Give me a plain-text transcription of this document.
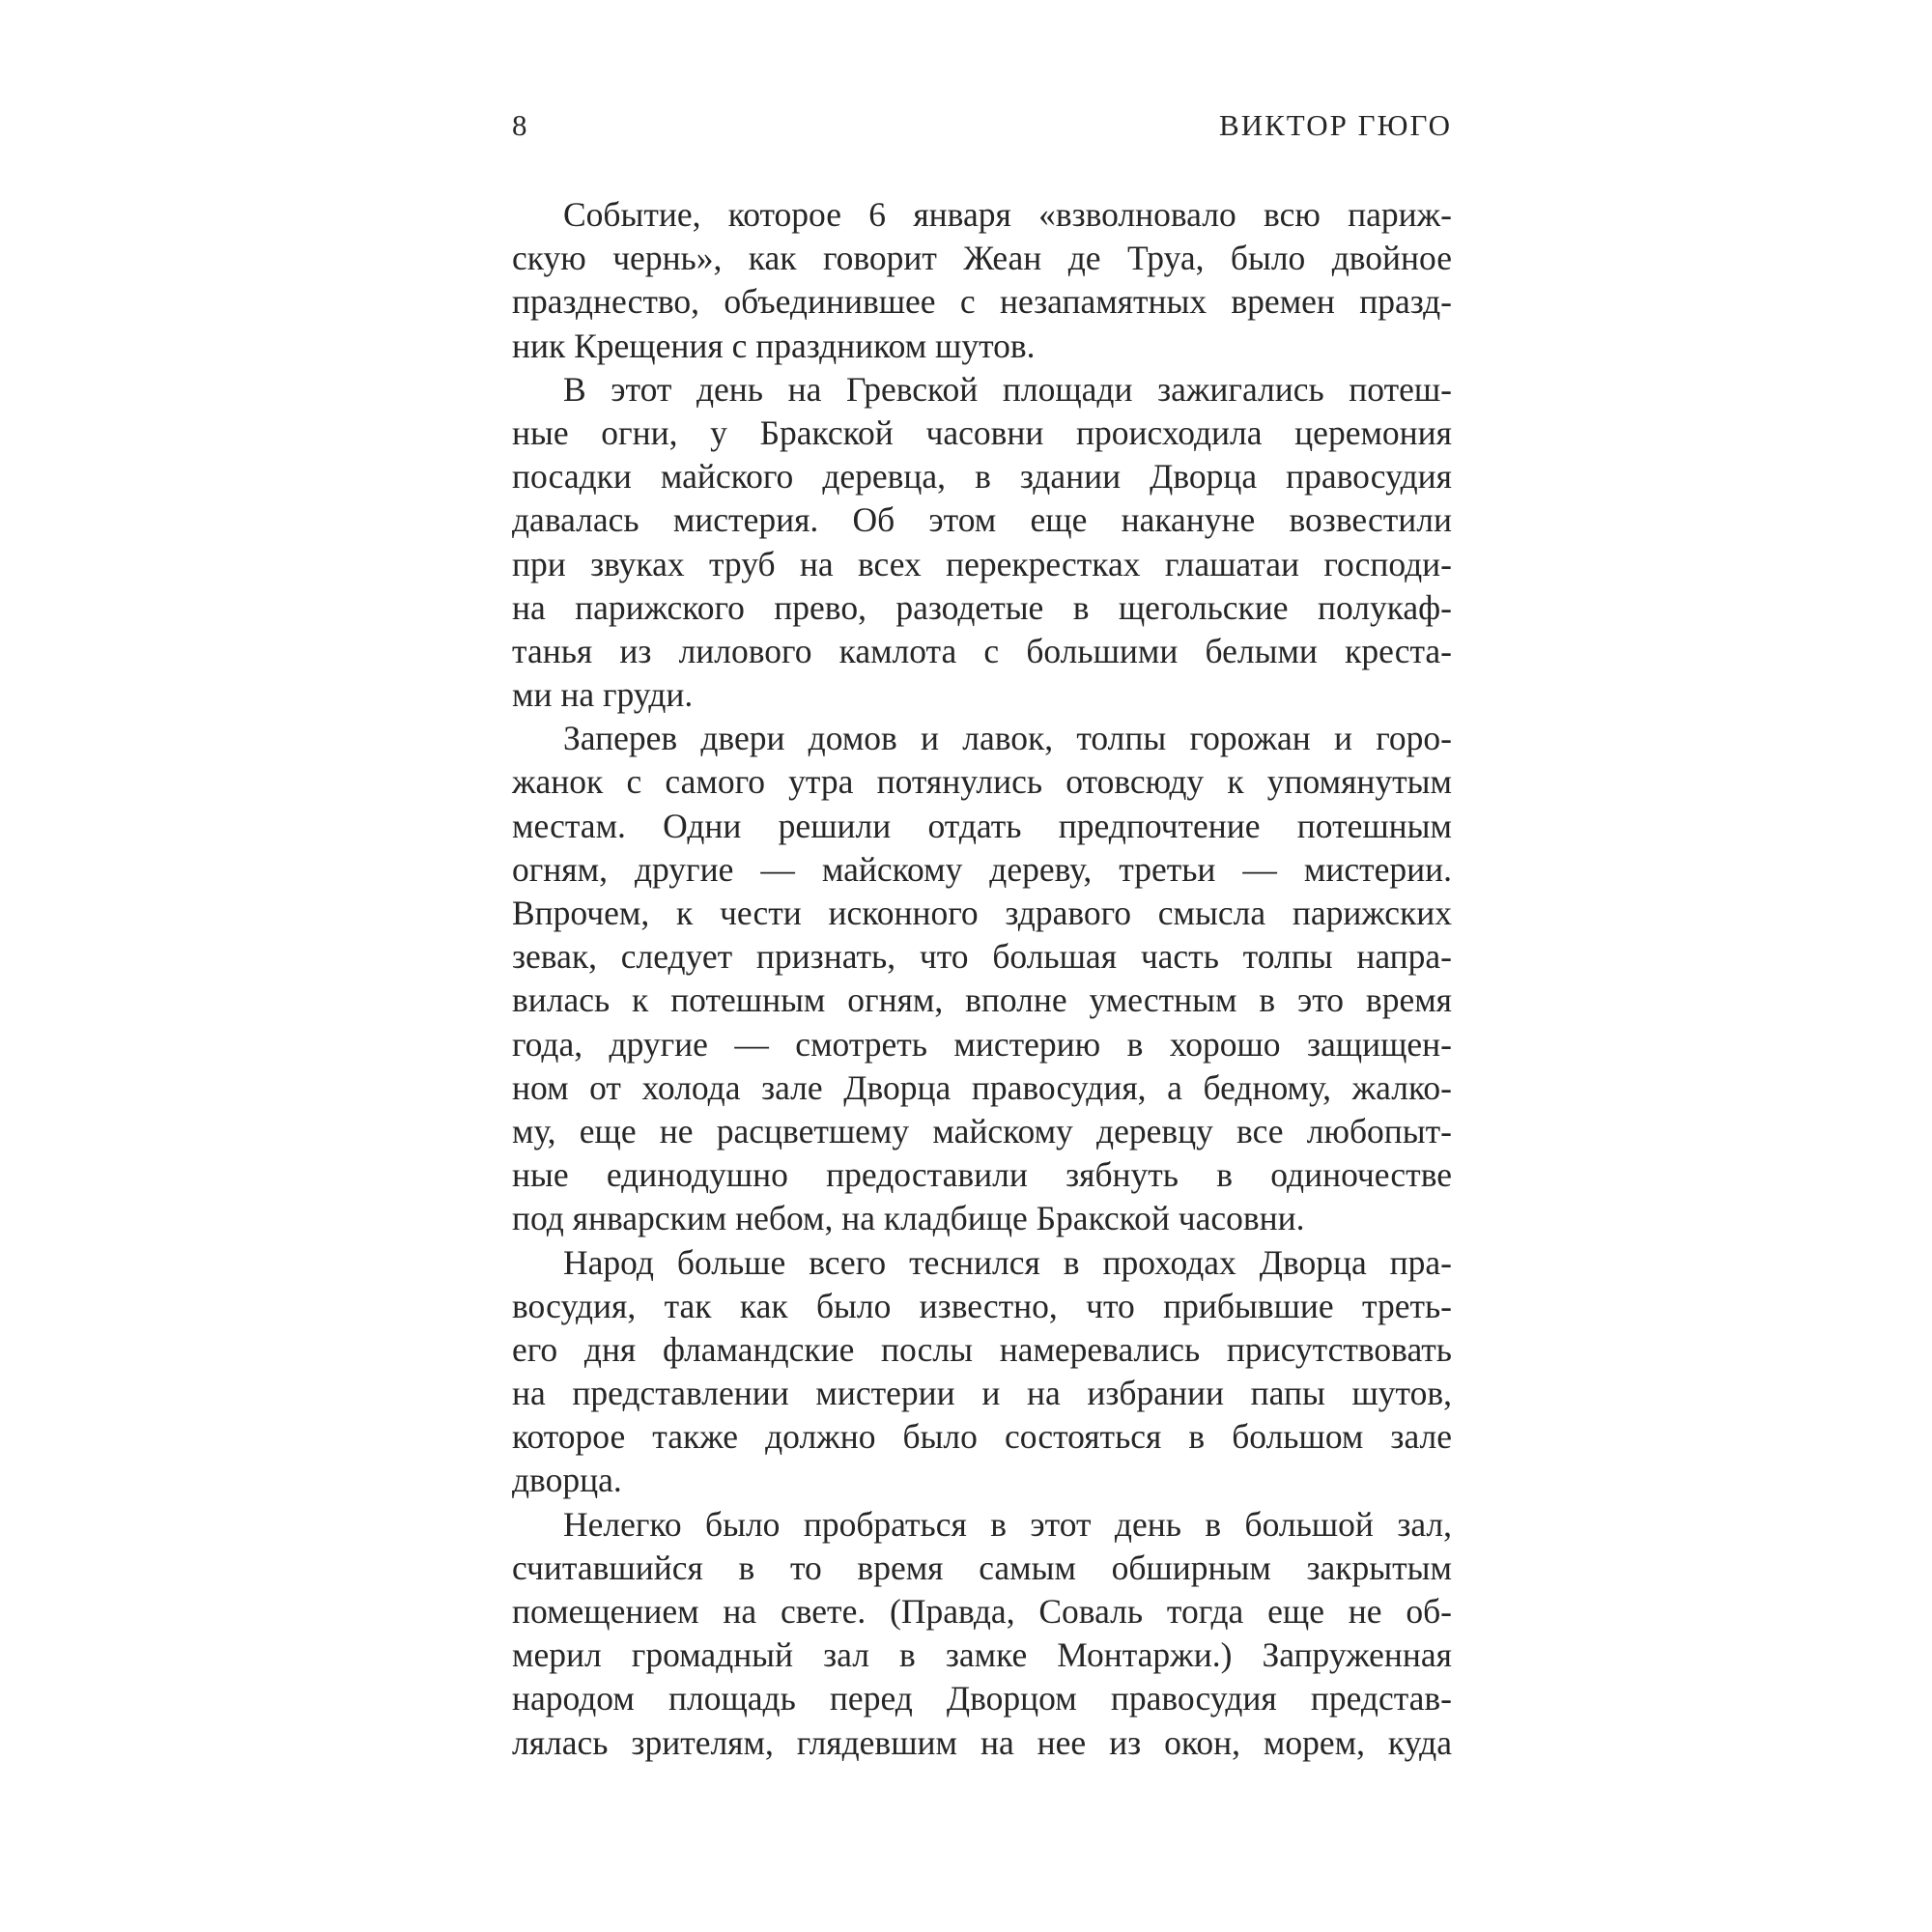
8	ВИКТОР ГЮГО
Событие, которое 6 января «взволновало всю париж-
скую чернь», как говорит Жеан де Труа, было двойное
празднество, объединившее с незапамятных времен празд-
ник Крещения с праздником шутов.
В этот день на Гревской площади зажигались потеш-
ные огни, у Бракской часовни происходила церемония
посадки майского деревца, в здании Дворца правосудия
давалась мистерия. Об этом еще накануне возвестили
при звуках труб на всех перекрестках глашатаи господи-
на парижского прево, разодетые в щегольские полукаф-
танья из лилового камлота с большими белыми креста-
ми на груди.
Заперев двери домов и лавок, толпы горожан и горо-
жанок с самого утра потянулись отовсюду к упомянутым
местам. Одни решили отдать предпочтение потешным
огням, другие — майскому дереву, третьи — мистерии.
Впрочем, к чести исконного здравого смысла парижских
зевак, следует признать, что большая часть толпы напра-
вилась к потешным огням, вполне уместным в это время
года, другие — смотреть мистерию в хорошо защищен-
ном от холода зале Дворца правосудия, а бедному, жалко-
му, еще не расцветшему майскому деревцу все любопыт-
ные единодушно предоставили зябнуть в одиночестве
под январским небом, на кладбище Бракской часовни.
Народ больше всего теснился в проходах Дворца пра-
восудия, так как было известно, что прибывшие треть-
его дня фламандские послы намеревались присутствовать
на представлении мистерии и на избрании папы шутов,
которое также должно было состояться в большом зале
дворца.
Нелегко было пробраться в этот день в большой зал,
считавшийся в то время самым обширным закрытым
помещением на свете. (Правда, Соваль тогда еще не об-
мерил громадный зал в замке Монтаржи.) Запруженная
народом площадь перед Дворцом правосудия представ-
лялась зрителям, глядевшим на нее из окон, морем, куда
